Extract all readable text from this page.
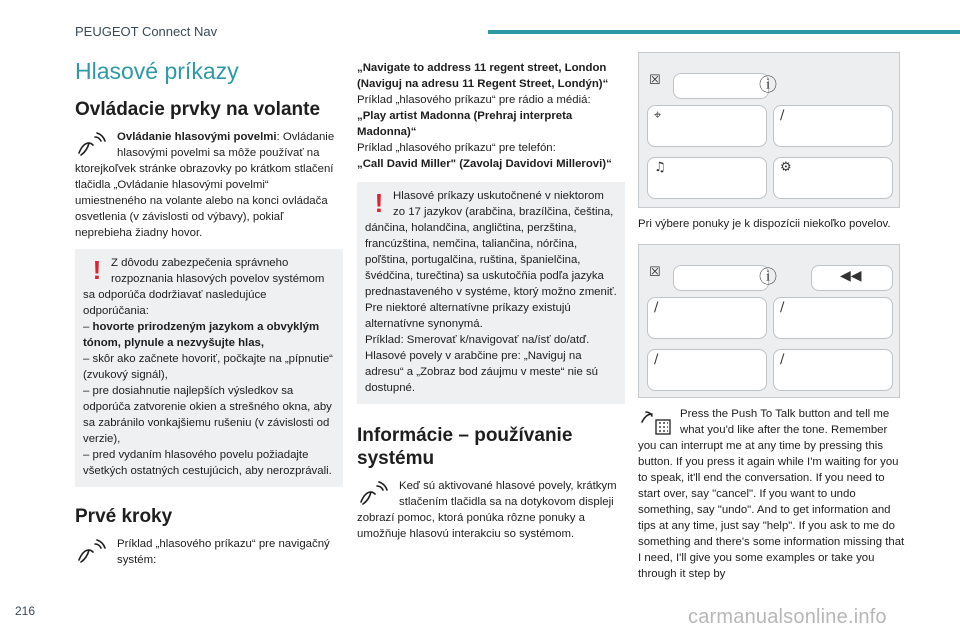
PEUGEOT Connect Nav
Hlasové príkazy
Ovládacie prvky na volante
Ovládanie hlasovými povelmi: Ovládanie hlasovými povelmi sa môže používať na ktorejkoľvek stránke obrazovky po krátkom stlačení tlačidla „Ovládanie hlasovými povelmi“ umiestneného na volante alebo na konci ovládača osvetlenia (v závislosti od výbavy), pokiaľ neprebieha žiadny hovor.
! Z dôvodu zabezpečenia správneho rozpoznania hlasových povelov systémom sa odporúča dodržiavať nasledujúce odporúčania:
– hovorte prirodzeným jazykom a obvyklým tónom, plynule a nezvyšujte hlas,
– skôr ako začnete hovoriť, počkajte na „pípnutie“ (zvukový signál),
– pre dosiahnutie najlepších výsledkov sa odporúča zatvorenie okien a strešného okna, aby sa zabránilo vonkajšiemu rušeniu (v závislosti od verzie),
– pred vydaním hlasového povelu požiadajte všetkých ostatných cestujúcich, aby nerozprávali.
Prvé kroky
Príklad „hlasového príkazu“ pre navigačný systém:
„Navigate to address 11 regent street, London (Naviguj na adresu 11 Regent Street, Londýn)“
Príklad „hlasového príkazu“ pre rádio a médiá:
„Play artist Madonna (Prehraj interpreta Madonna)“
Príklad „hlasového príkazu“ pre telefón:
„Call David Miller" (Zavolaj Davidovi Millerovi)“
! Hlasové príkazy uskutočnené v niektorom zo 17 jazykov (arabčina, brazílčina, čeština, dánčina, holandčina, angličtina, perzština, francúzština, nemčina, taliančina, nórčina, poľština, portugalčina, ruština, španielčina, švédčina, turečtina) sa uskutočňia podľa jazyka prednastaveného v systéme, ktorý možno zmeniť.
Pre niektoré alternatívne príkazy existujú alternatívne synonymá.
Príklad: Smerovať k/navigovať na/ísť do/atď.
Hlasové povely v arabčine pre: „Naviguj na adresu“ a „Zobraz bod záujmu v meste“ nie sú dostupné.
Informácie – používanie systému
Keď sú aktivované hlasové povely, krátkym stlačením tlačidla sa na dotykovom displeji zobrazí pomoc, ktorá ponúka rôzne ponuky a umožňuje hlasovú interakciu so systémom.
☒	ⓘ
⌖	∕
♫	⚙
Pri výbere ponuky je k dispozícii niekoľko povelov.
☒	ⓘ	◀◀
∕	∕
∕	∕
Press the Push To Talk button and tell me what you'd like after the tone. Remember you can interrupt me at any time by pressing this button. If you press it again while I'm waiting for you to speak, it'll end the conversation. If you need to start over, say "cancel". If you want to undo something, say "undo". And to get information and tips at any time, just say "help". If you ask to me do something and there's some information missing that I need, I'll give you some examples or take you through it step by
216	carmanualsonline.info
